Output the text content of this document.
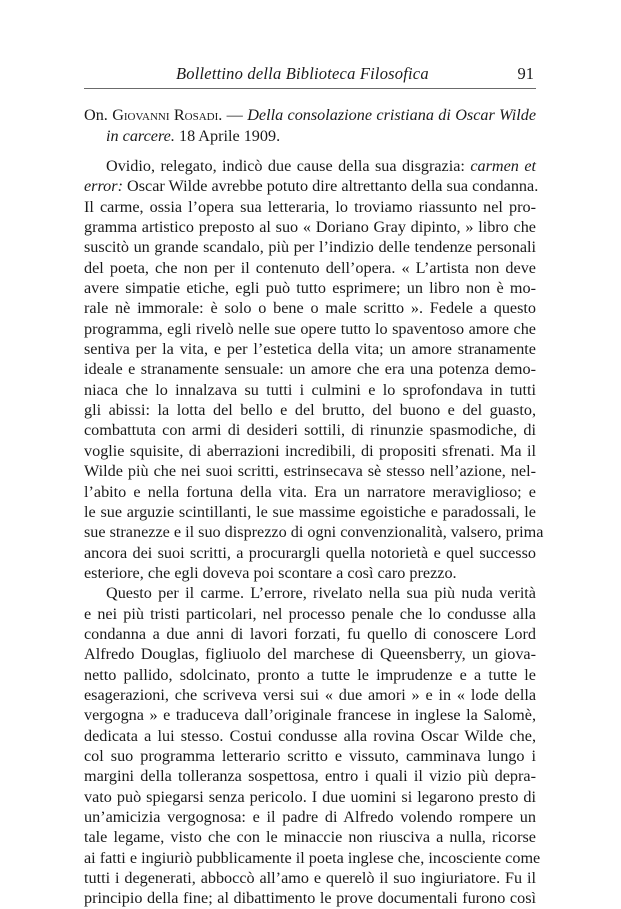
Bollettino della Biblioteca Filosofica	91
On. Giovanni Rosadi. — Della consolazione cristiana di Oscar Wilde
in carcere. 18 Aprile 1909.
Ovidio, relegato, indicò due cause della sua disgrazia: carmen et
error: Oscar Wilde avrebbe potuto dire altrettanto della sua condanna.
Il carme, ossia l’opera sua letteraria, lo troviamo riassunto nel pro-
gramma artistico preposto al suo « Doriano Gray dipinto, » libro che
suscitò un grande scandalo, più per l’indizio delle tendenze personali
del poeta, che non per il contenuto dell’opera. « L’artista non deve
avere simpatie etiche, egli può tutto esprimere; un libro non è mo-
rale nè immorale: è solo o bene o male scritto ». Fedele a questo
programma, egli rivelò nelle sue opere tutto lo spaventoso amore che
sentiva per la vita, e per l’estetica della vita; un amore stranamente
ideale e stranamente sensuale: un amore che era una potenza demo-
niaca che lo innalzava su tutti i culmini e lo sprofondava in tutti
gli abissi: la lotta del bello e del brutto, del buono e del guasto,
combattuta con armi di desideri sottili, di rinunzie spasmodiche, di
voglie squisite, di aberrazioni incredibili, di propositi sfrenati. Ma il
Wilde più che nei suoi scritti, estrinsecava sè stesso nell’azione, nel-
l’abito e nella fortuna della vita. Era un narratore meraviglioso; e
le sue arguzie scintillanti, le sue massime egoistiche e paradossali, le
sue stranezze e il suo disprezzo di ogni convenzionalità, valsero, prima
ancora dei suoi scritti, a procurargli quella notorietà e quel successo
esteriore, che egli doveva poi scontare a così caro prezzo.
Questo per il carme. L’errore, rivelato nella sua più nuda verità
e nei più tristi particolari, nel processo penale che lo condusse alla
condanna a due anni di lavori forzati, fu quello di conoscere Lord
Alfredo Douglas, figliuolo del marchese di Queensberry, un giova-
netto pallido, sdolcinato, pronto a tutte le imprudenze e a tutte le
esagerazioni, che scriveva versi sui « due amori » e in « lode della
vergogna » e traduceva dall’originale francese in inglese la Salomè,
dedicata a lui stesso. Costui condusse alla rovina Oscar Wilde che,
col suo programma letterario scritto e vissuto, camminava lungo i
margini della tolleranza sospettosa, entro i quali il vizio più depra-
vato può spiegarsi senza pericolo. I due uomini si legarono presto di
un’amicizia vergognosa: e il padre di Alfredo volendo rompere un
tale legame, visto che con le minaccie non riusciva a nulla, ricorse
ai fatti e ingiuriò pubblicamente il poeta inglese che, incosciente come
tutti i degenerati, abboccò all’amo e querelò il suo ingiuriatore. Fu il
principio della fine; al dibattimento le prove documentali furono così
